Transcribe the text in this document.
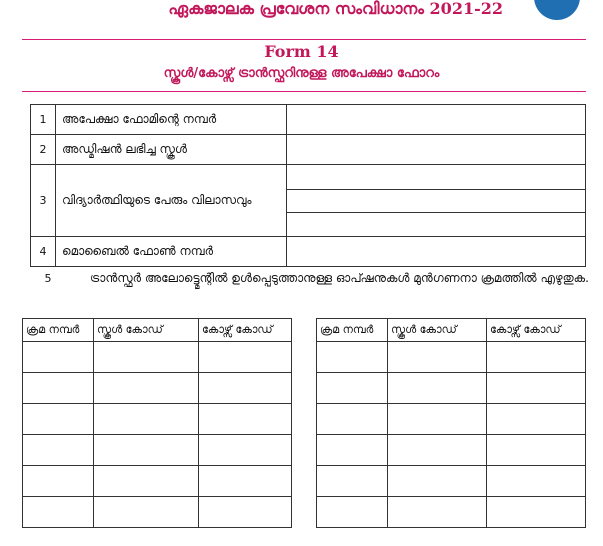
ഏകജാലക പ്രവേശന സംവിധാനം 2021-22
Form 14
സ്കൂൾ/കോഴ്സ് ട്രാൻസ്ഫറിനുള്ള അപേക്ഷാ ഫോറം
1	അപേക്ഷാ ഫോമിന്റെ നമ്പർ	
2	അഡ്മിഷൻ ലഭിച്ച സ്കൂൾ	
3	വിദ്യാർത്ഥിയുടെ പേരും വിലാസവും	

4	മൊബൈൽ ഫോൺ നമ്പർ	
5	ട്രാൻസ്ഫർ അലോട്ട്മെന്റിൽ ഉൾപ്പെടുത്താനുള്ള ഓപ്ഷനുകൾ മുൻഗണനാ ക്രമത്തിൽ എഴുതുക.
ക്രമ നമ്പർ	സ്കൂൾ കോഡ്	കോഴ്സ് കോഡ്

			ക്രമ നമ്പർ	സ്കൂൾ കോഡ്	കോഴ്സ് കോഡ്
